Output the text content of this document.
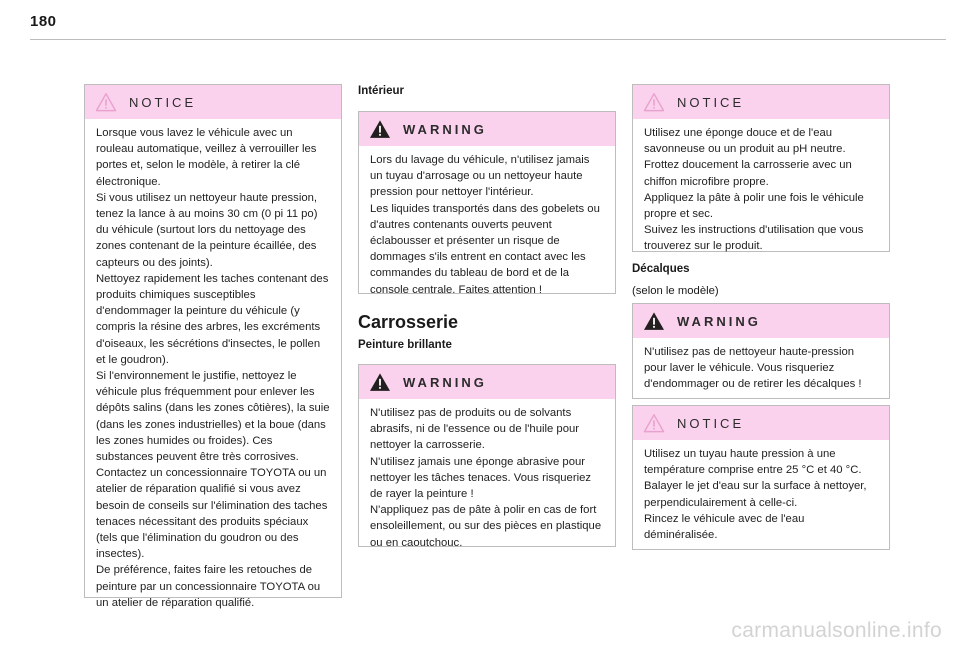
180
NOTICE

Lorsque vous lavez le véhicule avec un rouleau automatique, veillez à verrouiller les portes et, selon le modèle, à retirer la clé électronique.

Si vous utilisez un nettoyeur haute pression, tenez la lance à au moins 30 cm (0 pi 11 po) du véhicule (surtout lors du nettoyage des zones contenant de la peinture écaillée, des capteurs ou des joints).

Nettoyez rapidement les taches contenant des produits chimiques susceptibles d'endommager la peinture du véhicule (y compris la résine des arbres, les excréments d'oiseaux, les sécrétions d'insectes, le pollen et le goudron).

Si l'environnement le justifie, nettoyez le véhicule plus fréquemment pour enlever les dépôts salins (dans les zones côtières), la suie (dans les zones industrielles) et la boue (dans les zones humides ou froides). Ces substances peuvent être très corrosives.

Contactez un concessionnaire TOYOTA ou un atelier de réparation qualifié si vous avez besoin de conseils sur l'élimination des taches tenaces nécessitant des produits spéciaux (tels que l'élimination du goudron ou des insectes).

De préférence, faites faire les retouches de peinture par un concessionnaire TOYOTA ou un atelier de réparation qualifié.

Intérieur
WARNING

Lors du lavage du véhicule, n'utilisez jamais un tuyau d'arrosage ou un nettoyeur haute pression pour nettoyer l'intérieur.

Les liquides transportés dans des gobelets ou d'autres contenants ouverts peuvent éclabousser et présenter un risque de dommages s'ils entrent en contact avec les commandes du tableau de bord et de la console centrale. Faites attention !

Carrosserie
Peinture brillante
WARNING

N'utilisez pas de produits ou de solvants abrasifs, ni de l'essence ou de l'huile pour nettoyer la carrosserie.

N'utilisez jamais une éponge abrasive pour nettoyer les tâches tenaces. Vous risqueriez de rayer la peinture !

N'appliquez pas de pâte à polir en cas de fort ensoleillement, ou sur des pièces en plastique ou en caoutchouc.

NOTICE

Utilisez une éponge douce et de l'eau savonneuse ou un produit au pH neutre.

Frottez doucement la carrosserie avec un chiffon microfibre propre.

Appliquez la pâte à polir une fois le véhicule propre et sec.

Suivez les instructions d'utilisation que vous trouverez sur le produit.

Décalques
(selon le modèle)
WARNING

N'utilisez pas de nettoyeur haute-pression pour laver le véhicule. Vous risqueriez d'endommager ou de retirer les décalques !

NOTICE

Utilisez un tuyau haute pression à une température comprise entre 25 °C et 40 °C.

Balayer le jet d'eau sur la surface à nettoyer, perpendiculairement à celle-ci.

Rincez le véhicule avec de l'eau déminéralisée.

carmanualsonline.info
